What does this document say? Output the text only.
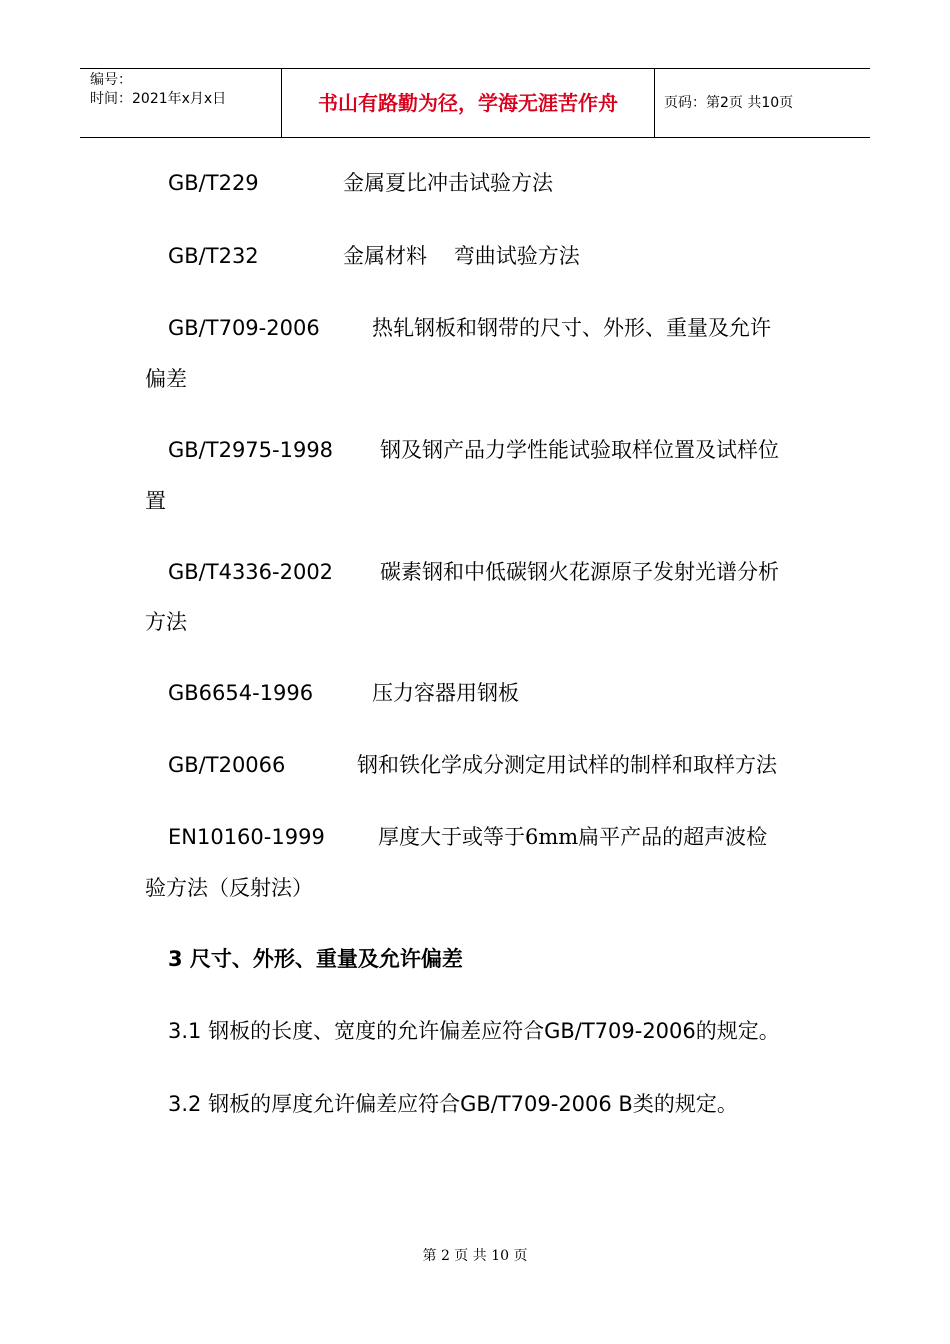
编号：
时间：2021年x月x日	书山有路勤为径，学海无涯苦作舟	页码：第2页 共10页
GB/T229	金属夏比冲击试验方法
GB/T232	金属材料    弯曲试验方法
GB/T709-2006 热轧钢板和钢带的尺寸、外形、重量及允许
偏差
GB/T2975-1998 钢及钢产品力学性能试验取样位置及试样位
置
GB/T4336-2002 碳素钢和中低碳钢火花源原子发射光谱分析
方法
GB6654-1996	压力容器用钢板
GB/T20066	钢和铁化学成分测定用试样的制样和取样方法
EN10160-1999	厚度大于或等于6mm扁平产品的超声波检
验方法（反射法）
3 尺寸、外形、重量及允许偏差
3.1 钢板的长度、宽度的允许偏差应符合GB/T709-2006的规定。
3.2 钢板的厚度允许偏差应符合GB/T709-2006 B类的规定。
第 2 页 共 10 页
